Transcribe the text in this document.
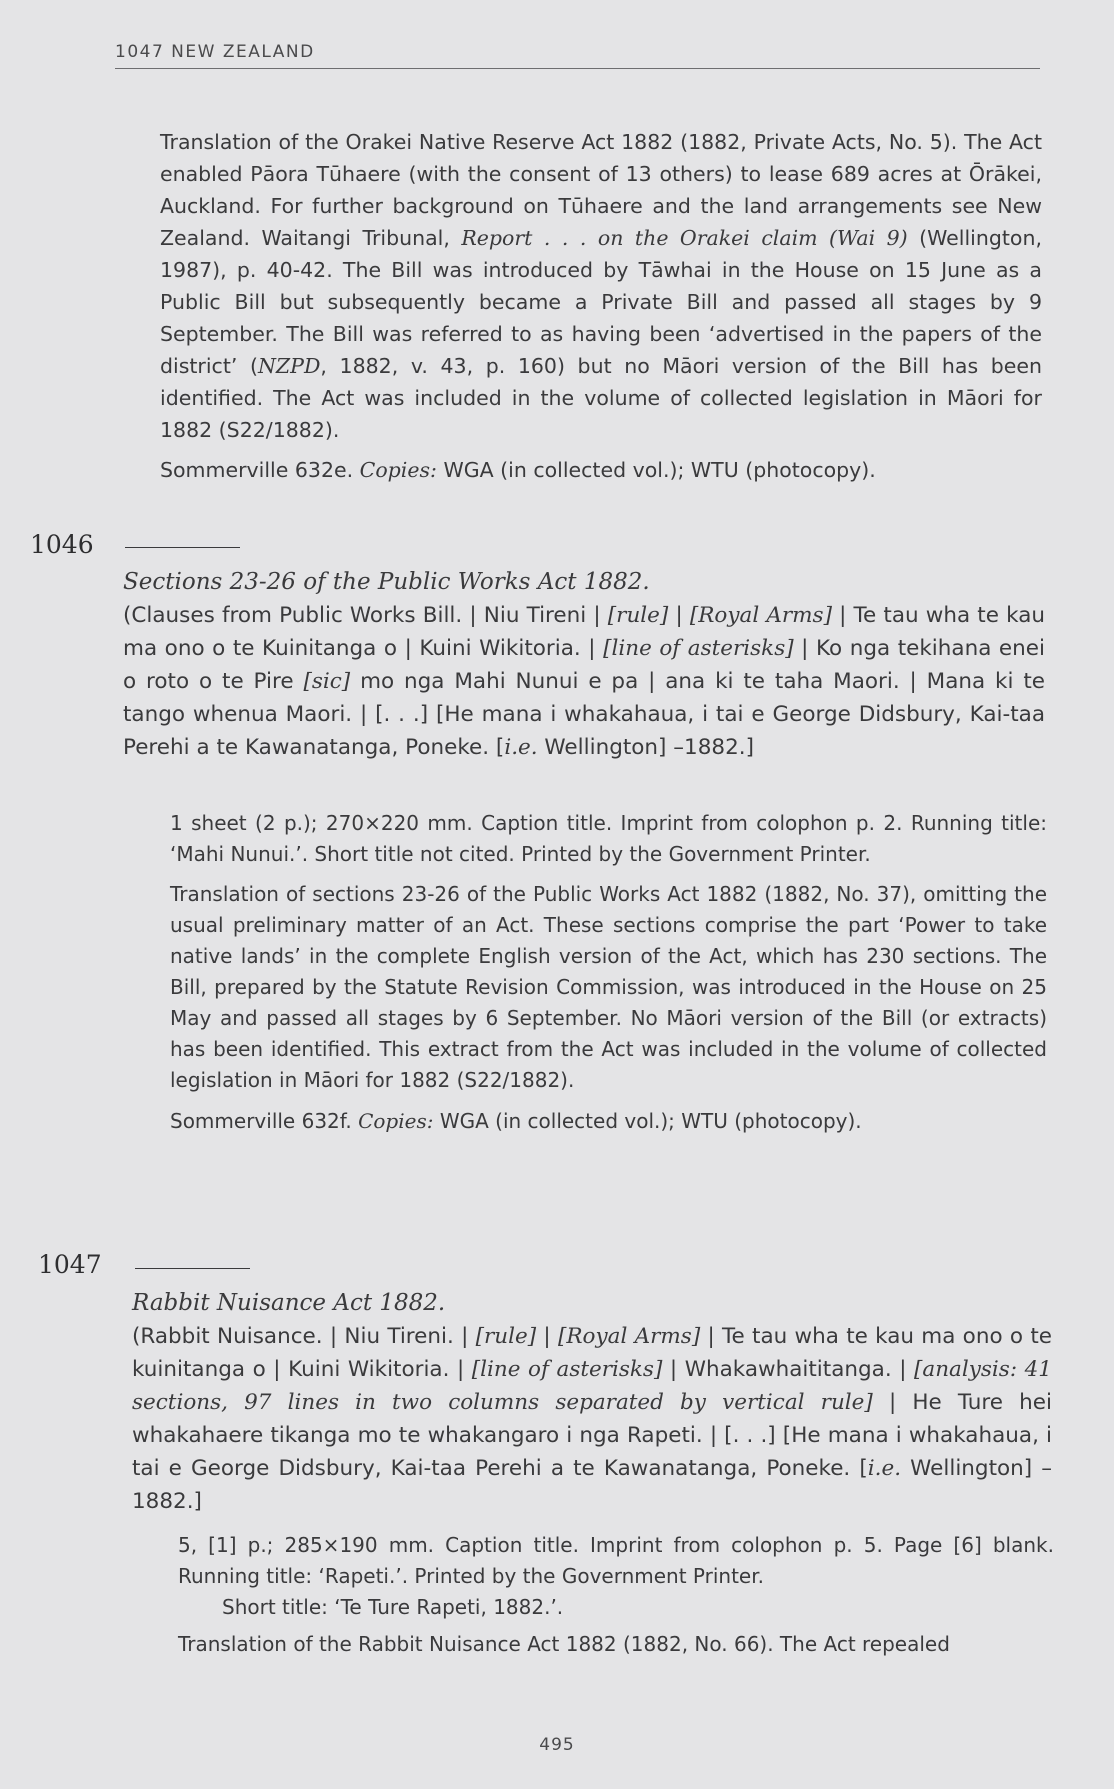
1047 NEW ZEALAND

Translation of the Orakei Native Reserve Act 1882 (1882, Private Acts, No. 5). The Act enabled Pāora Tūhaere (with the consent of 13 others) to lease 689 acres at Ōrākei, Auckland. For further background on Tūhaere and the land arrangements see New Zealand. Waitangi Tribunal, Report . . . on the Orakei claim (Wai 9) (Wellington, 1987), p. 40-42. The Bill was introduced by Tāwhai in the House on 15 June as a Public Bill but subsequently became a Private Bill and passed all stages by 9 September. The Bill was referred to as having been ‘advertised in the papers of the district’ (NZPD, 1882, v. 43, p. 160) but no Māori version of the Bill has been identified. The Act was included in the volume of collected legislation in Māori for 1882 (S22/1882).

Sommerville 632e. Copies: WGA (in collected vol.); WTU (photocopy).

1046

Sections 23-26 of the Public Works Act 1882.

(Clauses from Public Works Bill. | Niu Tireni | [rule] | [Royal Arms] | Te tau wha te kau ma ono o te Kuinitanga o | Kuini Wikitoria. | [line of asterisks] | Ko nga tekihana enei o roto o te Pire [sic] mo nga Mahi Nunui e pa | ana ki te taha Maori. | Mana ki te tango whenua Maori. | [. . .] [He mana i whakahaua, i tai e George Didsbury, Kai-taa Perehi a te Kawanatanga, Poneke. [i.e. Wellington] –1882.]

1 sheet (2 p.); 270×220 mm. Caption title. Imprint from colophon p. 2. Running title: ‘Mahi Nunui.’. Short title not cited. Printed by the Government Printer.

Translation of sections 23-26 of the Public Works Act 1882 (1882, No. 37), omitting the usual preliminary matter of an Act. These sections comprise the part ‘Power to take native lands’ in the complete English version of the Act, which has 230 sections. The Bill, prepared by the Statute Revision Commission, was introduced in the House on 25 May and passed all stages by 6 September. No Māori version of the Bill (or extracts) has been identified. This extract from the Act was included in the volume of collected legislation in Māori for 1882 (S22/1882).

Sommerville 632f. Copies: WGA (in collected vol.); WTU (photocopy).

1047

Rabbit Nuisance Act 1882.

(Rabbit Nuisance. | Niu Tireni. | [rule] | [Royal Arms] | Te tau wha te kau ma ono o te kuinitanga o | Kuini Wikitoria. | [line of asterisks] | Whakawhaititanga. | [analysis: 41 sections, 97 lines in two columns separated by vertical rule] | He Ture hei whakahaere tikanga mo te whakangaro i nga Rapeti. | [. . .] [He mana i whakahaua, i tai e George Didsbury, Kai-taa Perehi a te Kawanatanga, Poneke. [i.e. Wellington] –1882.]

5, [1] p.; 285×190 mm. Caption title. Imprint from colophon p. 5. Page [6] blank. Running title: ‘Rapeti.’. Printed by the Government Printer.

Short title: ‘Te Ture Rapeti, 1882.’.

Translation of the Rabbit Nuisance Act 1882 (1882, No. 66). The Act repealed

495
